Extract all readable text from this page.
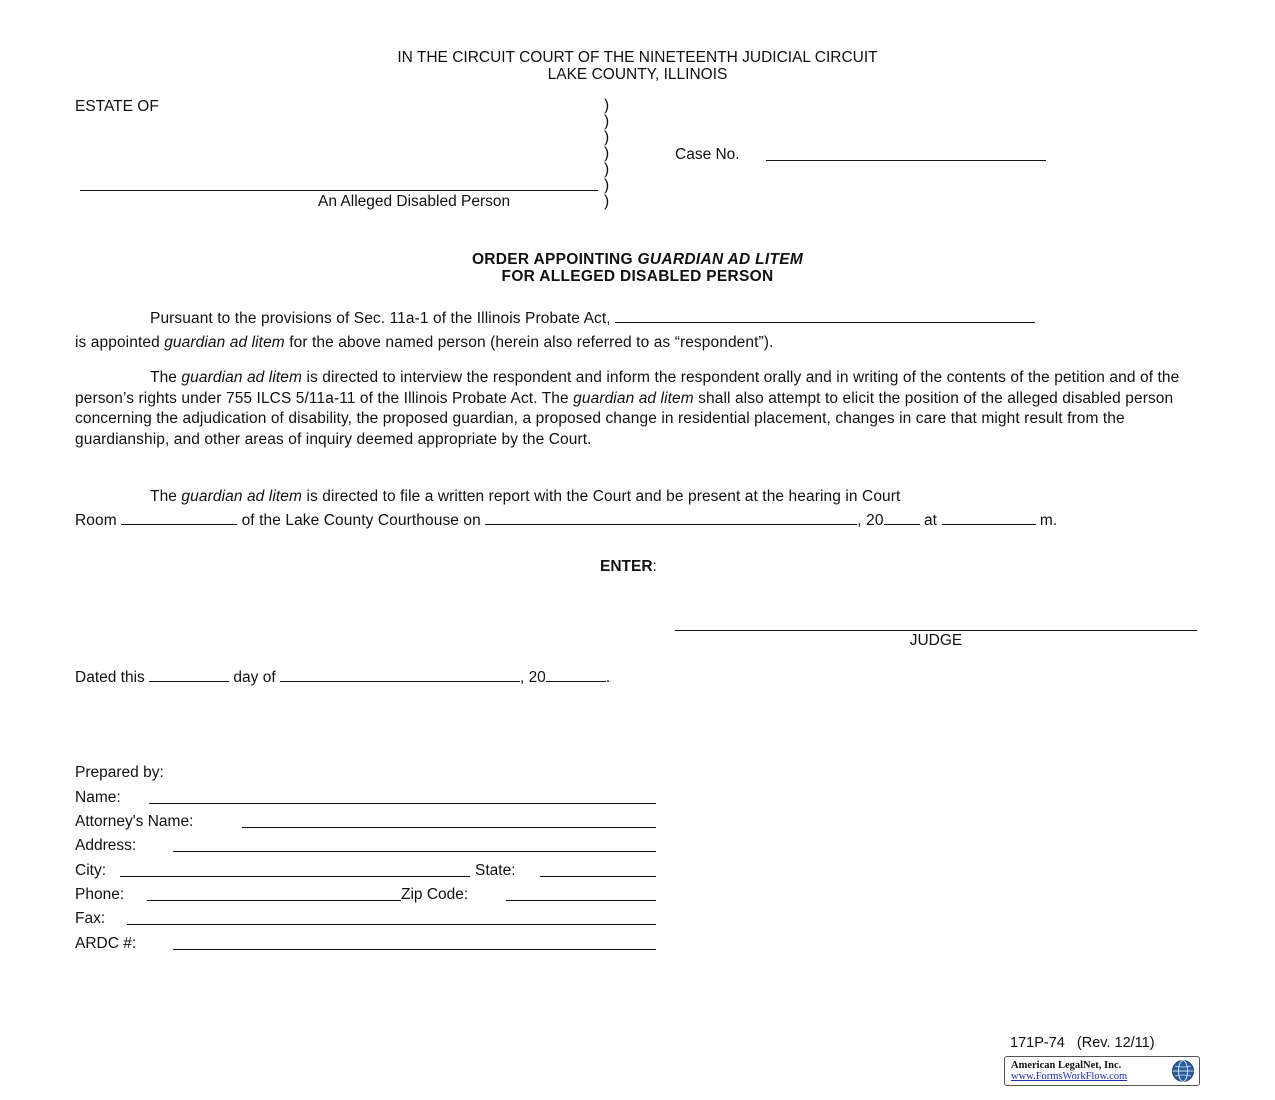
IN THE CIRCUIT COURT OF THE NINETEENTH JUDICIAL CIRCUIT
LAKE COUNTY, ILLINOIS
ESTATE OF	)
)
)
)
)
)
)
An Alleged Disabled Person
Case No.
ORDER APPOINTING GUARDIAN AD LITEM
FOR ALLEGED DISABLED PERSON
Pursuant to the provisions of Sec. 11a-1 of the Illinois Probate Act,
is appointed guardian ad litem for the above named person (herein also referred to as “respondent”).
The guardian ad litem is directed to interview the respondent and inform the respondent orally and in writing of the contents of the petition and of the person’s rights under 755 ILCS 5/11a-11 of the Illinois Probate Act. The guardian ad litem shall also attempt to elicit the position of the alleged disabled person concerning the adjudication of disability, the proposed guardian, a proposed change in residential placement, changes in care that might result from the guardianship, and other areas of inquiry deemed appropriate by the Court.
The guardian ad litem is directed to file a written report with the Court and be present at the hearing in Court
Room	of the Lake County Courthouse on	, 20 at	m.
ENTER:
JUDGE
Dated this	day of	, 20	.
Prepared by:
Name:
Attorney's Name:
Address:
City:	State:
Phone:	Zip Code:
Fax:
ARDC #:
171P-74   (Rev. 12/11)
American LegalNet, Inc.
www.FormsWorkFlow.com
